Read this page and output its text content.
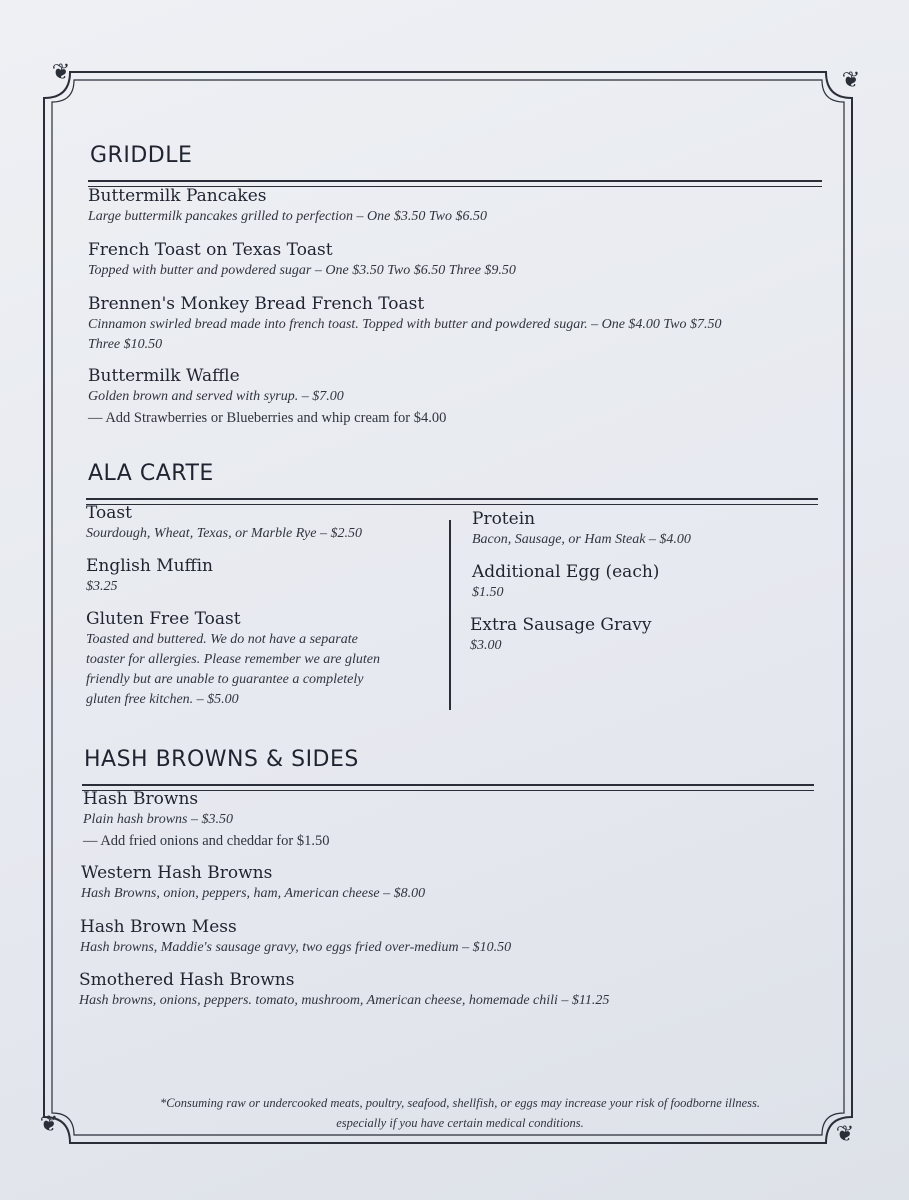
❦	❦
❦	❦
GRIDDLE
Buttermilk Pancakes
Large buttermilk pancakes grilled to perfection – One $3.50 Two $6.50
French Toast on Texas Toast
Topped with butter and powdered sugar – One $3.50 Two $6.50 Three $9.50
Brennen's Monkey Bread French Toast
Cinnamon swirled bread made into french toast. Topped with butter and powdered sugar. – One $4.00 Two $7.50
Three $10.50
Buttermilk Waffle
Golden brown and served with syrup. – $7.00
— Add Strawberries or Blueberries and whip cream for $4.00
ALA CARTE
Toast
Sourdough, Wheat, Texas, or Marble Rye – $2.50
English Muffin
$3.25
Gluten Free Toast
Toasted and buttered. We do not have a separate
toaster for allergies. Please remember we are gluten
friendly but are unable to guarantee a completely
gluten free kitchen. – $5.00
Protein
Bacon, Sausage, or Ham Steak – $4.00
Additional Egg (each)
$1.50
Extra Sausage Gravy
$3.00
HASH BROWNS & SIDES
Hash Browns
Plain hash browns – $3.50
— Add fried onions and cheddar for $1.50
Western Hash Browns
Hash Browns, onion, peppers, ham, American cheese – $8.00
Hash Brown Mess
Hash browns, Maddie's sausage gravy, two eggs fried over-medium – $10.50
Smothered Hash Browns
Hash browns, onions, peppers. tomato, mushroom, American cheese, homemade chili – $11.25
*Consuming raw or undercooked meats, poultry, seafood, shellfish, or eggs may increase your risk of foodborne illness.
especially if you have certain medical conditions.
